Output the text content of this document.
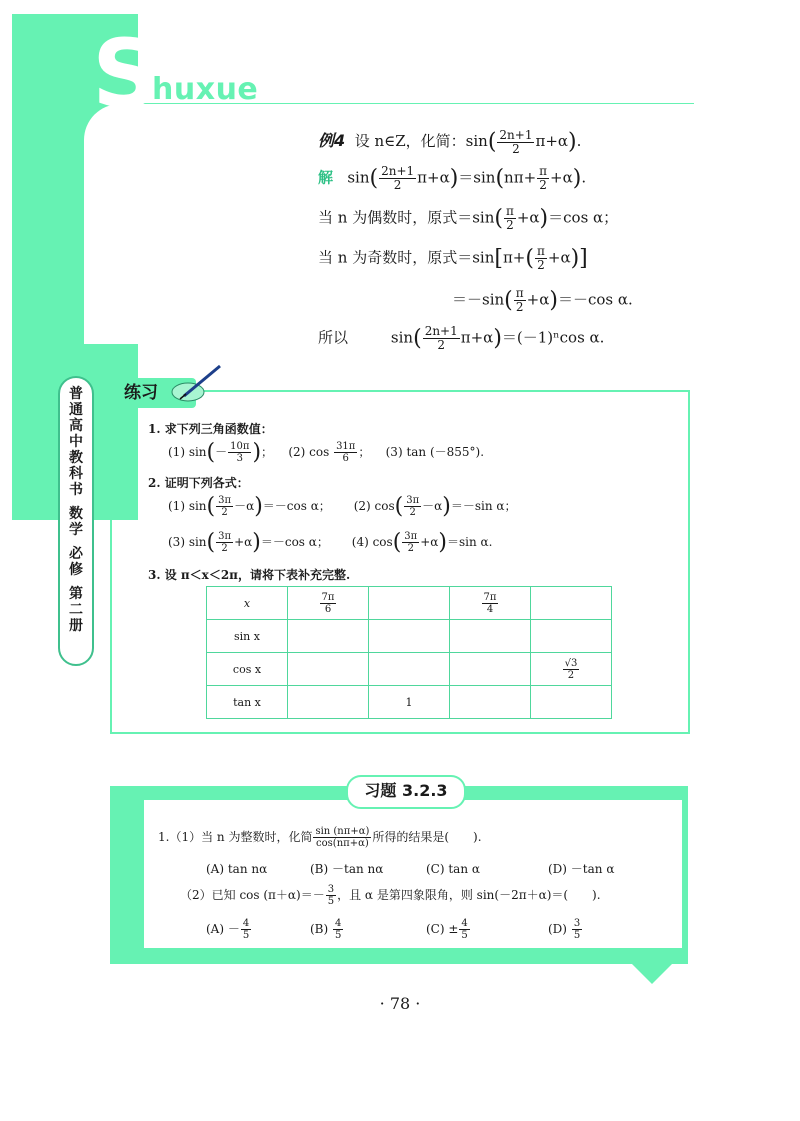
S
huxue
普
通
高
中
教
科
书
数
学
必
修
第
二
册
例4 设 n∈Z，化简：$\sin( \frac{2n+1}{2} \pi+\alpha)$.
解   $\sin( \frac{2n+1}{2} \pi+\alpha)=\sin(n\pi+ \frac{\pi}{2} +\alpha)$.
当 n 为偶数时，原式$=\sin( \frac{\pi}{2} +\alpha)=\cos$ α；
当 n 为奇数时，原式$=\sin[\pi+( \frac{\pi}{2} +\alpha)]$
$=-\sin( \frac{\pi}{2} +\alpha)=-\cos$ α.
所以         $\sin( \frac{2n+1}{2} \pi+\alpha)=(-1)^n\cos$ α.
练习
1. 求下列三角函数值：
(1) $\sin(- \frac{10\pi}{3}$ )；    (2) $\cos \frac{31\pi}{6}$ ；    (3) tan (－855°).
2. 证明下列各式：
(1) $\sin( \frac{3\pi}{2} -\alpha)=-\cos$ α；      (2) $\cos( \frac{3\pi}{2} -\alpha)=-\sin$ α；
(3) $\sin( \frac{3\pi}{2} +\alpha)=-\cos$ α；      (4) $\cos( \frac{3\pi}{2} +\alpha)=\sin$ α.
3. 设 π＜x＜2π，请将下表补充完整.
x	$\frac{7\pi}{6}$		$\frac{7\pi}{4}$

sin x				
cos x				$\frac{√3}{2}$

tan x		1		
习题 3.2.3
1.（1）当 n 为整数时，化简 $\frac{\sin (n\pi+\alpha)}{\cos(n\pi+\alpha)}$ 所得的结果是(　　).
(A) tan nα	(B) －tan nα	(C) tan α	(D) －tan α
（2）已知 $\cos (\pi+\alpha)=- \frac{3}{5}$ ，且 α 是第四象限角，则 sin(－2π＋α)＝(　　).
$(A) - \frac{4}{5}$	$(B) \frac{4}{5}$	$(C) \pm \frac{4}{5}$	$(D) \frac{3}{5}$
· 78 ·
